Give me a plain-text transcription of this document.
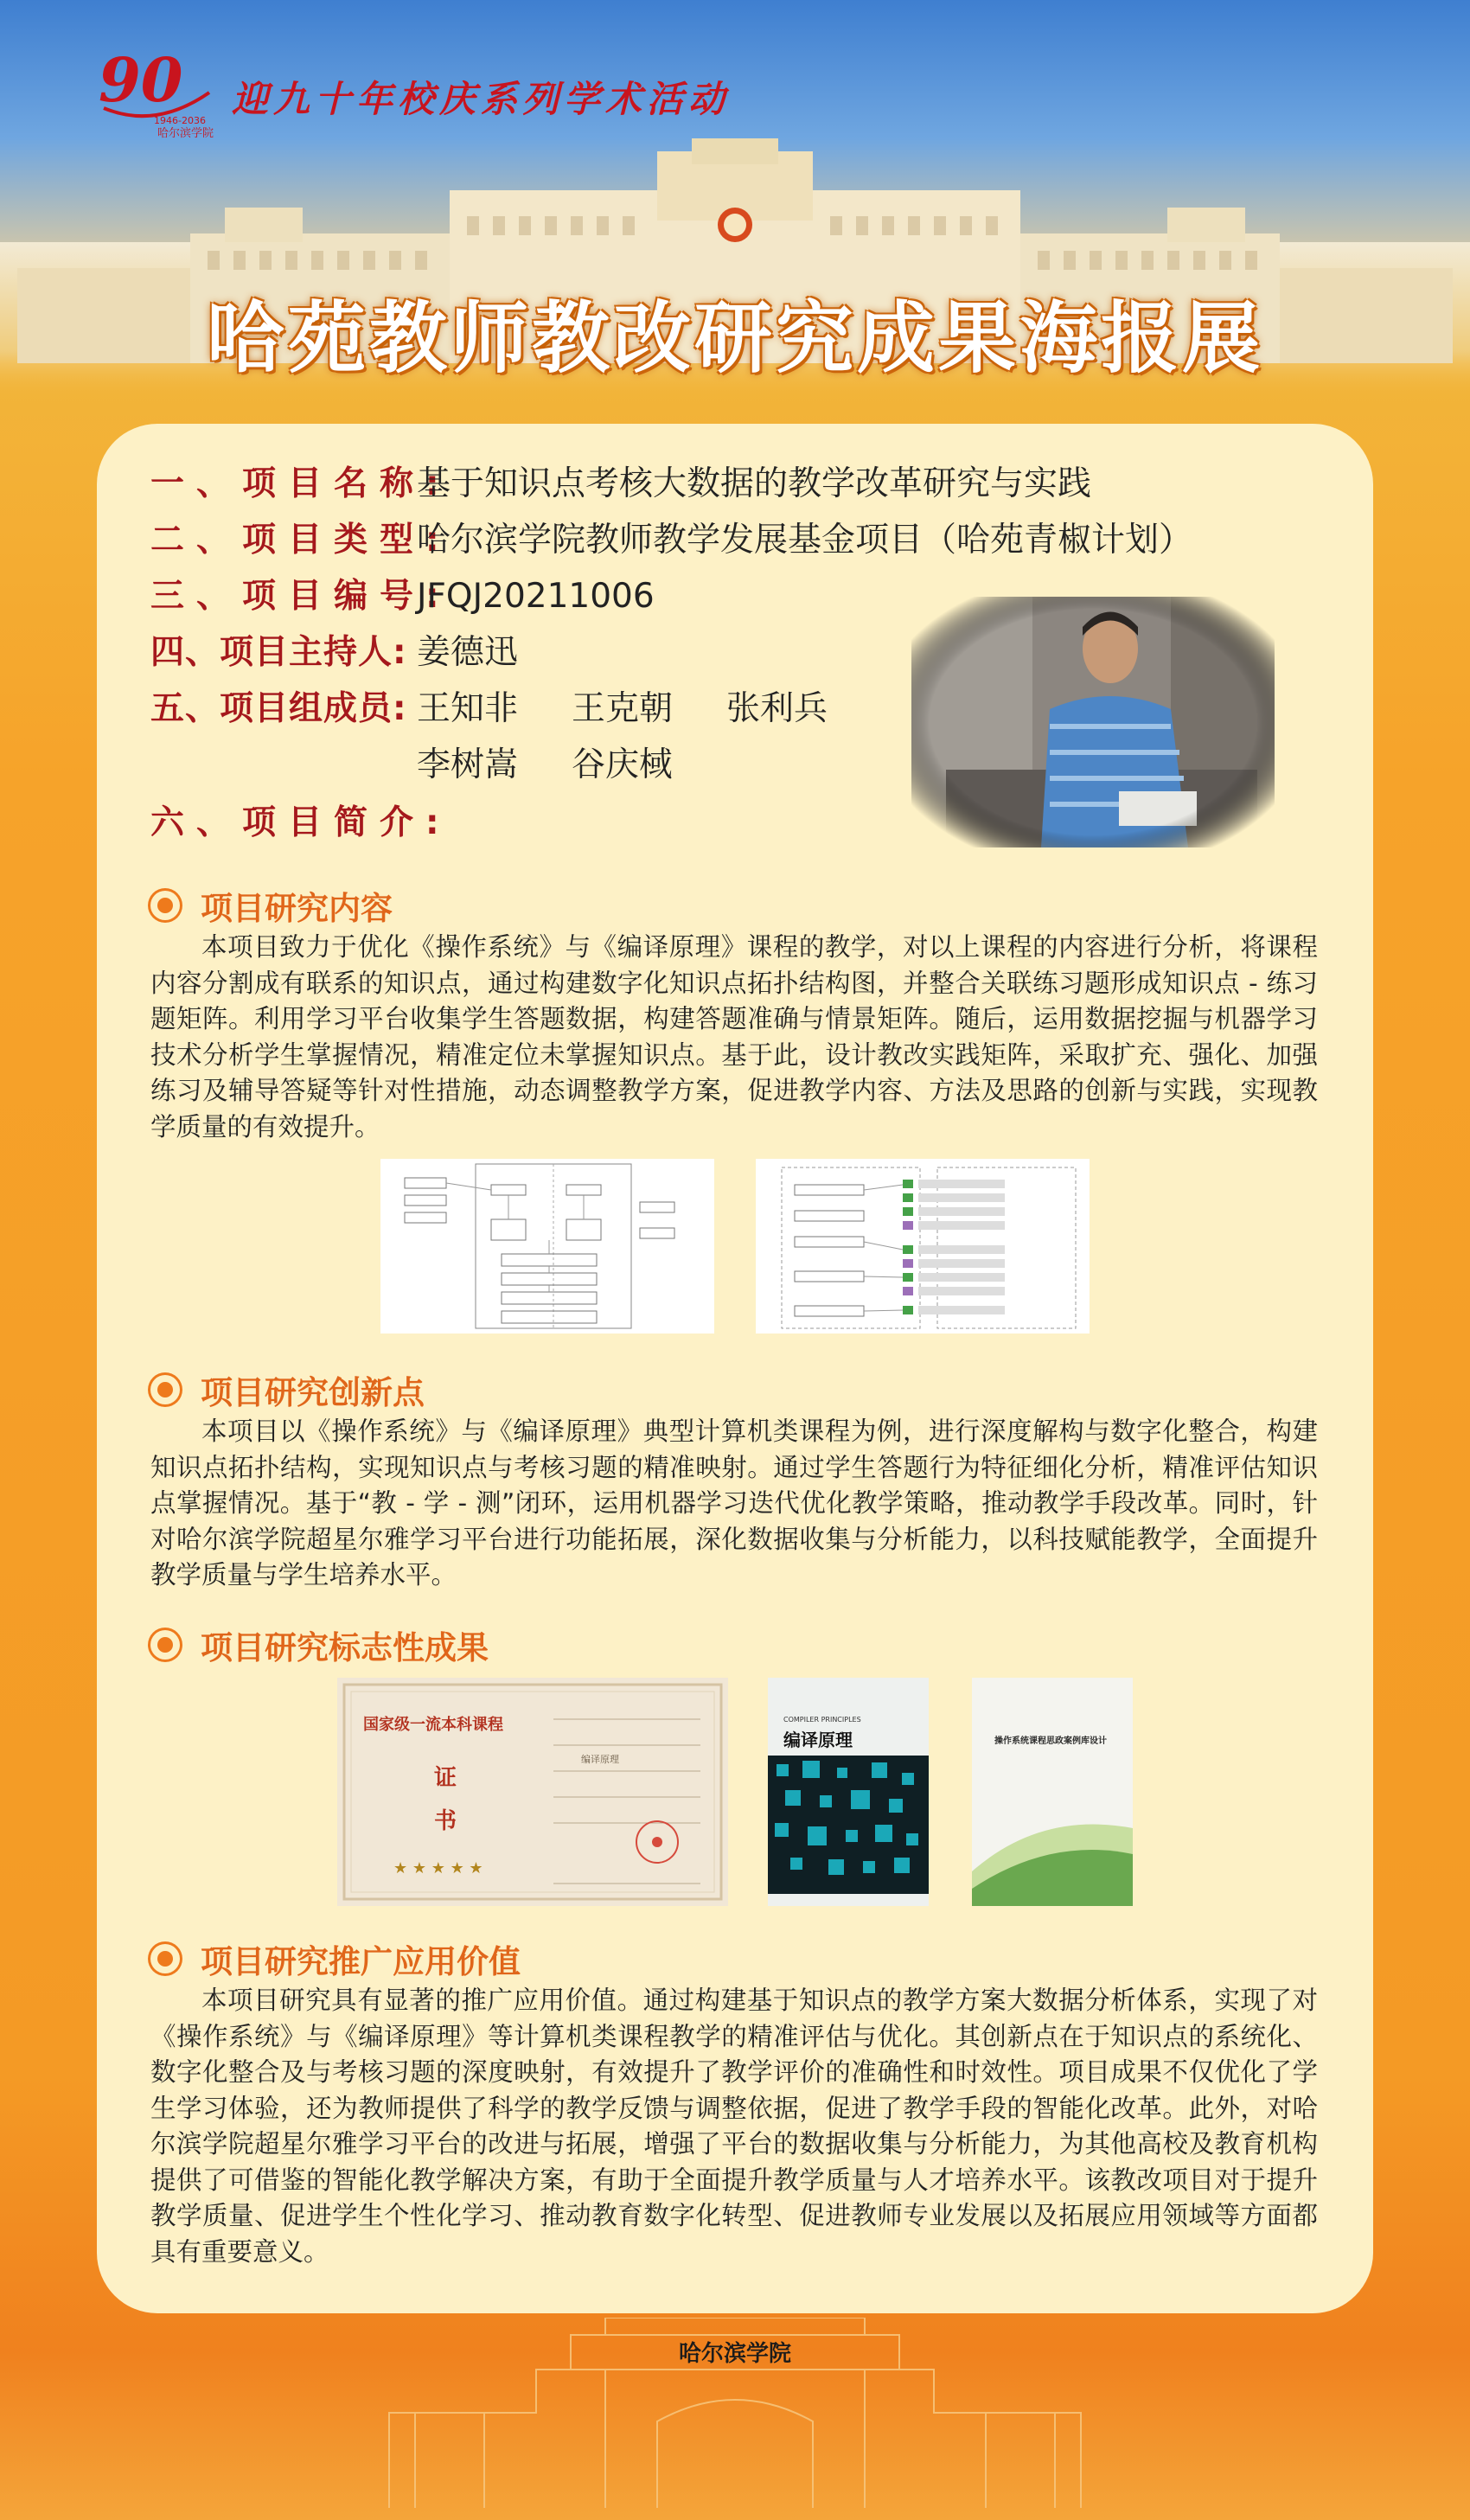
90
1946-2036
哈尔滨学院
迎九十年校庆系列学术活动
哈苑教师教改研究成果海报展
一、项目名称:基于知识点考核大数据的教学改革研究与实践
二、项目类型:哈尔滨学院教师教学发展基金项目（哈苑青椒计划）
三、项目编号:JFQJ20211006
四、项目主持人: 姜德迅
五、项目组成员: 王知非 王克朝 张利兵
李树嵩 谷庆棫
六、项目简介:
项目研究内容

本项目致力于优化《操作系统》与《编译原理》课程的教学，对以上课程的内容进行分析，将课程内容分割成有联系的知识点，通过构建数字化知识点拓扑结构图，并整合关联练习题形成知识点 - 练习题矩阵。利用学习平台收集学生答题数据，构建答题准确与情景矩阵。随后，运用数据挖掘与机器学习技术分析学生掌握情况，精准定位未掌握知识点。基于此，设计教改实践矩阵，采取扩充、强化、加强练习及辅导答疑等针对性措施，动态调整教学方案，促进教学内容、方法及思路的创新与实践，实现教学质量的有效提升。

项目研究创新点

本项目以《操作系统》与《编译原理》典型计算机类课程为例，进行深度解构与数字化整合，构建知识点拓扑结构，实现知识点与考核习题的精准映射。通过学生答题行为特征细化分析，精准评估知识点掌握情况。基于“教 - 学 - 测”闭环，运用机器学习迭代优化教学策略，推动教学手段改革。同时，针对哈尔滨学院超星尔雅学习平台进行功能拓展，深化数据收集与分析能力，以科技赋能教学，全面提升教学质量与学生培养水平。

项目研究标志性成果
国家级一流本科课程
证
书
★ ★ ★ ★ ★
编译原理
COMPILER PRINCIPLES
编译原理	操作系统课程思政案例库设计
项目研究推广应用价值

本项目研究具有显著的推广应用价值。通过构建基于知识点的教学方案大数据分析体系，实现了对《操作系统》与《编译原理》等计算机类课程教学的精准评估与优化。其创新点在于知识点的系统化、数字化整合及与考核习题的深度映射，有效提升了教学评价的准确性和时效性。项目成果不仅优化了学生学习体验，还为教师提供了科学的教学反馈与调整依据，促进了教学手段的智能化改革。此外，对哈尔滨学院超星尔雅学习平台的改进与拓展，增强了平台的数据收集与分析能力，为其他高校及教育机构提供了可借鉴的智能化教学解决方案，有助于全面提升教学质量与人才培养水平。该教改项目对于提升教学质量、促进学生个性化学习、推动教育数字化转型、促进教师专业发展以及拓展应用领域等方面都具有重要意义。

哈尔滨学院
